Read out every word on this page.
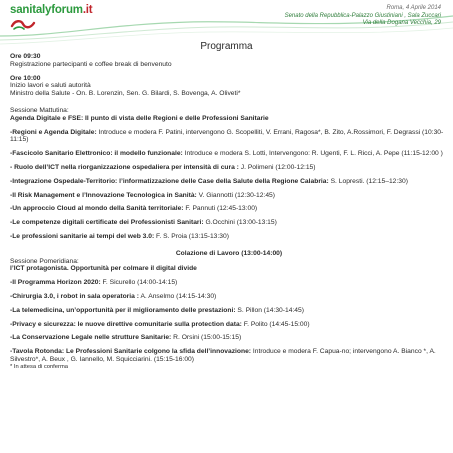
sanitalyforum.it	Roma, 4 Aprile 2014
Senato della Repubblica-Palazzo Giustiniani , Sala Zuccari
Via della Dogana Vecchia, 29
Programma

Ore 09:30

Registrazione partecipanti e coffee break di benvenuto

Ore 10:00

Inizio lavori e saluti autorità

Ministro della Salute - On. B. Lorenzin, Sen. G. Bilardi, S. Bovenga, A. Oliveti*

Sessione Mattutina:

Agenda Digitale e FSE: Il punto di vista delle Regioni e delle Professioni Sanitarie

-Regioni e Agenda Digitale: Introduce e modera F. Patini, intervengono G. Scopelliti, V. Errani, Ragosa*, B. Zito, A.Rossimori, F. Degrassi (10:30-11:15)

-Fascicolo Sanitario Elettronico: il modello funzionale: Introduce e modera S. Lotti, Intervengono: R. Ugenti, F. L. Ricci, A. Pepe (11:15-12:00 )

- Ruolo dell’ICT nella riorganizzazione ospedaliera per intensità di cura : J. Polimeni (12:00-12:15)

-Integrazione Ospedale-Territorio: l’informatizzazione delle Case della Salute della Regione Calabria: S. Lopresti. (12:15–12:30)

-Il Risk Management e l’Innovazione Tecnologica in Sanità: V. Giannotti (12:30-12:45)

-Un approccio Cloud al mondo della Sanità territoriale: F. Pannuti (12:45-13:00)

-Le competenze digitali certificate dei Professionisti Sanitari: G.Occhini (13:00-13:15)

-Le professioni sanitarie ai tempi del web 3.0: F. S. Proia (13:15-13:30)

Colazione di Lavoro (13:00-14:00)

Sessione Pomeridiana:

l’ICT protagonista. Opportunità per colmare il digital divide

-Il Programma Horizon 2020: F. Sicurello (14:00-14:15)

-Chirurgia 3.0, i robot in sala operatoria : A. Anselmo (14:15-14:30)

-La telemedicina, un’opportunità per il miglioramento delle prestazioni: S. Pillon (14:30-14:45)

-Privacy e sicurezza: le nuove direttive comunitarie sulla protection data: F. Polito (14:45-15:00)

-La Conservazione Legale nelle strutture Sanitarie: R. Orsini (15:00-15:15)

-Tavola Rotonda: Le Professioni Sanitarie colgono la sfida dell’innovazione: Introduce e modera F. Capua-no; intervengono A. Bianco *, A. Silvestro*, A. Beux , G. Iannello, M. Squicciarini. (15:15-16:00)

* In attesa di conferma
